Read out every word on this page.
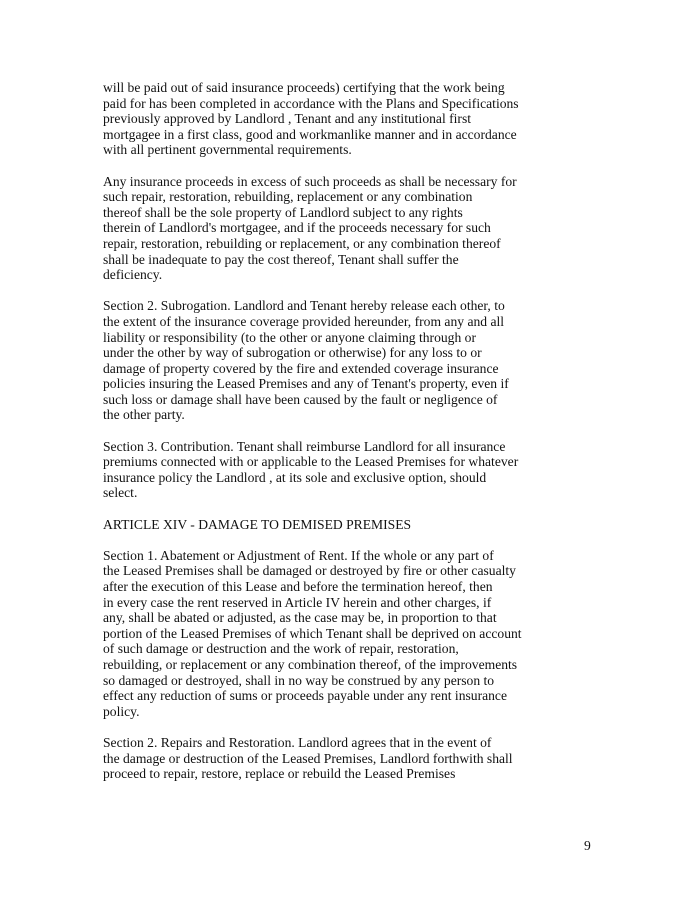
will be paid out of said insurance proceeds) certifying that the work being
paid for has been completed in accordance with the Plans and Specifications
previously approved by Landlord , Tenant and any institutional first
mortgagee in a first class, good and workmanlike manner and in accordance
with all pertinent governmental requirements.

Any insurance proceeds in excess of such proceeds as shall be necessary for
such repair, restoration, rebuilding, replacement or any combination
thereof shall be the sole property of Landlord subject to any rights
therein of Landlord's mortgagee, and if the proceeds necessary for such
repair, restoration, rebuilding or replacement, or any combination thereof
shall be inadequate to pay the cost thereof, Tenant shall suffer the
deficiency.

Section 2. Subrogation. Landlord and Tenant hereby release each other, to
the extent of the insurance coverage provided hereunder, from any and all
liability or responsibility (to the other or anyone claiming through or
under the other by way of subrogation or otherwise) for any loss to or
damage of property covered by the fire and extended coverage insurance
policies insuring the Leased Premises and any of Tenant's property, even if
such loss or damage shall have been caused by the fault or negligence of
the other party.

Section 3. Contribution. Tenant shall reimburse Landlord for all insurance
premiums connected with or applicable to the Leased Premises for whatever
insurance policy the Landlord , at its sole and exclusive option, should
select.

ARTICLE XIV - DAMAGE TO DEMISED PREMISES

Section 1. Abatement or Adjustment of Rent. If the whole or any part of
the Leased Premises shall be damaged or destroyed by fire or other casualty
after the execution of this Lease and before the termination hereof, then
in every case the rent reserved in Article IV herein and other charges, if
any, shall be abated or adjusted, as the case may be, in proportion to that
portion of the Leased Premises of which Tenant shall be deprived on account
of such damage or destruction and the work of repair, restoration,
rebuilding, or replacement or any combination thereof, of the improvements
so damaged or destroyed, shall in no way be construed by any person to
effect any reduction of sums or proceeds payable under any rent insurance
policy.

Section 2. Repairs and Restoration. Landlord agrees that in the event of
the damage or destruction of the Leased Premises, Landlord forthwith shall
proceed to repair, restore, replace or rebuild the Leased Premises

9
